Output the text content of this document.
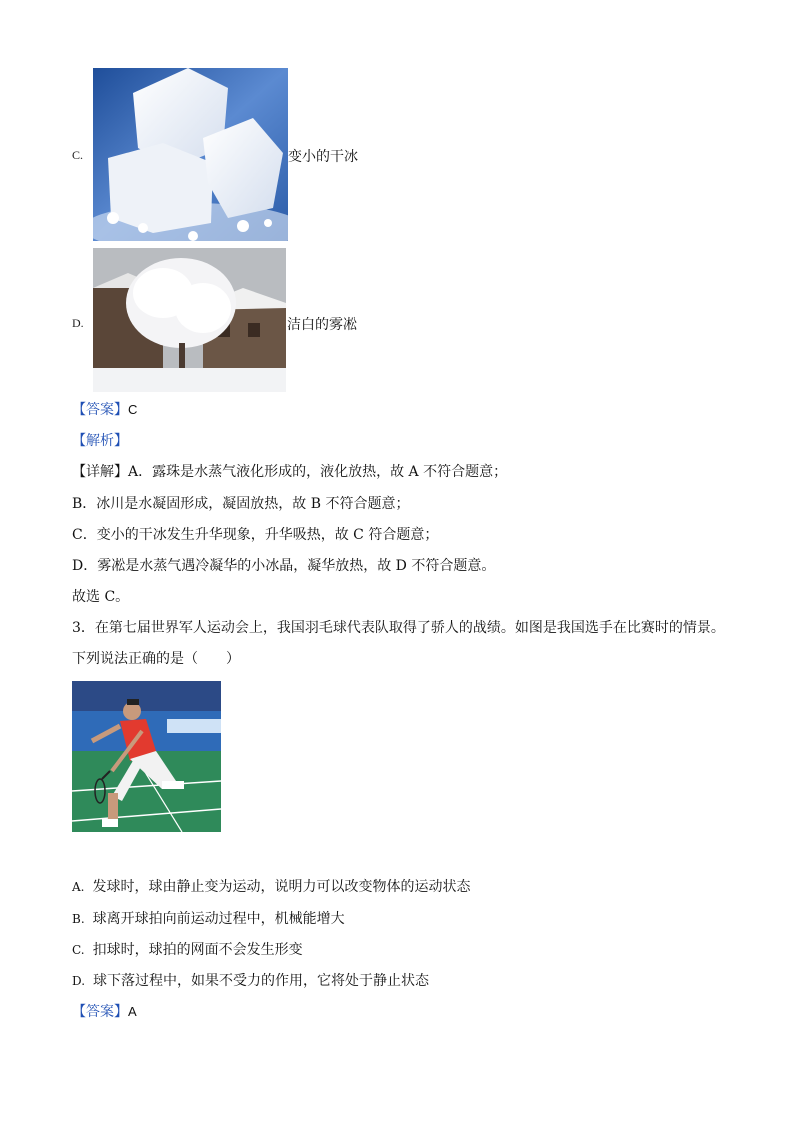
C.	变小的干冰
D.	洁白的雾凇
【答案】C
【解析】
【详解】A．露珠是水蒸气液化形成的，液化放热，故 A 不符合题意；
B．冰川是水凝固形成，凝固放热，故 B 不符合题意；
C．变小的干冰发生升华现象，升华吸热，故 C 符合题意；
D．雾凇是水蒸气遇冷凝华的小冰晶，凝华放热，故 D 不符合题意。
故选 C。
3．在第七届世界军人运动会上，我国羽毛球代表队取得了骄人的战绩。如图是我国选手在比赛时的情景。
下列说法正确的是（　　）
A. 发球时，球由静止变为运动，说明力可以改变物体的运动状态
B. 球离开球拍向前运动过程中，机械能增大
C. 扣球时，球拍的网面不会发生形变
D. 球下落过程中，如果不受力的作用，它将处于静止状态
【答案】A
